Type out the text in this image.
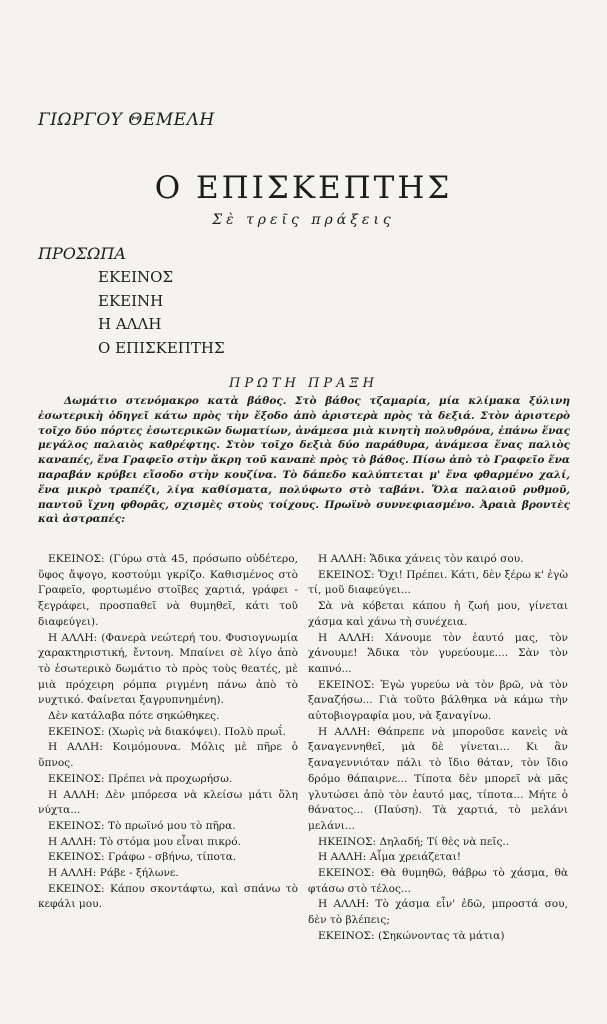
ΓΙΩΡΓΟΥ ΘΕΜΕΛΗ
Ο ΕΠΙΣΚΕΠΤΗΣ
Σὲ τρεῖς πράξεις
ΠΡΟΣΩΠΑ
ΕΚΕΙΝΟΣ
ΕΚΕΙΝΗ
Η ΑΛΛΗ
Ο ΕΠΙΣΚΕΠΤΗΣ
ΠΡΩΤΗ ΠΡΑΞΗ
Δωμάτιο στενόμακρο κατὰ βάθος. Στὸ βάθος τζαμαρία, μία κλίμακα ξύλινη ἐσωτερικὴ ὁδηγεῖ κάτω πρὸς τὴν ἔξοδο ἀπὸ ἀριστερὰ πρὸς τὰ δεξιά. Στὸν ἀριστερὸ τοῖχο δύο πόρτες ἐσωτερικῶν δωματίων, ἀνάμεσα μιὰ κινητὴ πολυθρόνα, ἐπάνω ἕνας μεγάλος παλαιὸς καθρέφτης. Στὸν τοῖχο δεξιὰ δύο παράθυρα, ἀνάμεσα ἕνας παλιὸς καναπές, ἕνα Γραφεῖο στὴν ἄκρη τοῦ καναπὲ πρὸς τὸ βάθος. Πίσω ἀπὸ τὸ Γραφεῖο ἕνα παραβάν κρύβει εἴσοδο στὴν κουζίνα. Τὸ δάπεδο καλύπτεται μ' ἕνα φθαρμένο χαλί, ἕνα μικρὸ τραπέζι, λίγα καθίσματα, πολύφωτο στὸ ταβάνι. Ὅλα παλαιοῦ ρυθμοῦ, παντοῦ ἴχνη φθορᾶς, σχισμὲς στοὺς τοίχους. Πρωϊνὸ συννεφιασμένο. Ἀραιὰ βροντὲς καὶ ἀστραπές:

ΕΚΕΙΝΟΣ: (Γύρω στὰ 45, πρόσωπο οὐδέτερο, ὕφος ἄψογο, κοστούμι γκρίζο. Καθισμένος στὸ Γραφεῖο, φορτωμένο στοῖβες χαρτιά, γράφει - ξεγράφει, προσπαθεῖ νὰ θυμηθεῖ, κάτι τοῦ διαφεύγει).

Η ΑΛΛΗ: (Φανερὰ νεώτερή του. Φυσιογνωμία χαρακτηριστική, ἔντονη. Μπαίνει σὲ λίγο ἀπὸ τὸ ἐσωτερικὸ δωμάτιο τὸ πρὸς τοὺς θεατές, μὲ μιὰ πρόχειρη ρόμπα ριγμένη πάνω ἀπὸ τὸ νυχτικό. Φαίνεται ξαγρυπνημένη).

Δὲν κατάλαβα πότε σηκώθηκες.

ΕΚΕΙΝΟΣ: (Χωρὶς νὰ διακόψει). Πολὺ πρωΐ.

Η ΑΛΛΗ: Κοιμόμουνα. Μόλις μὲ πῆρε ὁ ὕπνος.

ΕΚΕΙΝΟΣ: Πρέπει νὰ προχωρήσω.

Η ΑΛΛΗ: Δὲν μπόρεσα νὰ κλείσω μάτι ὅλη νύχτα...

ΕΚΕΙΝΟΣ: Τὸ πρωϊνό μου τὸ πῆρα.

Η ΑΛΛΗ: Τὸ στόμα μου εἶναι πικρό.

ΕΚΕΙΝΟΣ: Γράφω - σβήνω, τίποτα.

Η ΑΛΛΗ: Ράβε - ξήλωνε.

ΕΚΕΙΝΟΣ: Κάπου σκοντάφτω, καὶ σπάνω τὸ κεφάλι μου.

Η ΑΛΛΗ: Ἄδικα χάνεις τὸν καιρό σου.

ΕΚΕΙΝΟΣ: Ὄχι! Πρέπει. Κάτι, δὲν ξέρω κ' ἐγὼ τί, μοῦ διαφεύγει...

Σὰ νὰ κόβεται κάπου ἡ ζωή μου, γίνεται χάσμα καὶ χάνω τὴ συνέχεια.

Η ΑΛΛΗ: Χάνουμε τὸν ἑαυτό μας, τὸν χάνουμε! Ἄδικα τὸν γυρεύουμε.... Σὰν τὸν καπνό...

ΕΚΕΙΝΟΣ: Ἐγὼ γυρεύω νὰ τὸν βρῶ, νὰ τὸν ξαναζήσω... Γιὰ τοῦτο βάλθηκα νὰ κάμω τὴν αὐτοβιογραφία μου, νὰ ξαναγίνω.

Η ΑΛΛΗ: Θάπρεπε νὰ μποροῦσε κανεὶς νὰ ξαναγεννηθεῖ, μὰ δὲ γίνεται... Κι ἂν ξαναγεννιόταν πάλι τὸ ἴδιο θάταν, τὸν ἴδιο δρόμο θάπαιρνε... Τίποτα δὲν μπορεῖ νὰ μᾶς γλυτώσει ἀπὸ τὸν ἑαυτό μας, τίποτα... Μήτε ὁ θάνατος... (Παύση). Τὰ χαρτιά, τὸ μελάνι μελάνι...

ΗΚΕΙΝΟΣ: Δηλαδή; Τί θὲς νὰ πεῖς..

Η ΑΛΛΗ: Αἷμα χρειάζεται!

ΕΚΕΙΝΟΣ: Θὰ θυμηθῶ, θάβρω τὸ χάσμα, θὰ φτάσω στὸ τέλος...

Η ΑΛΛΗ: Τὸ χάσμα εἶν' ἐδῶ, μπροστά σου, δὲν τὸ βλέπεις;

ΕΚΕΙΝΟΣ: (Σηκώνοντας τὰ μάτια)
